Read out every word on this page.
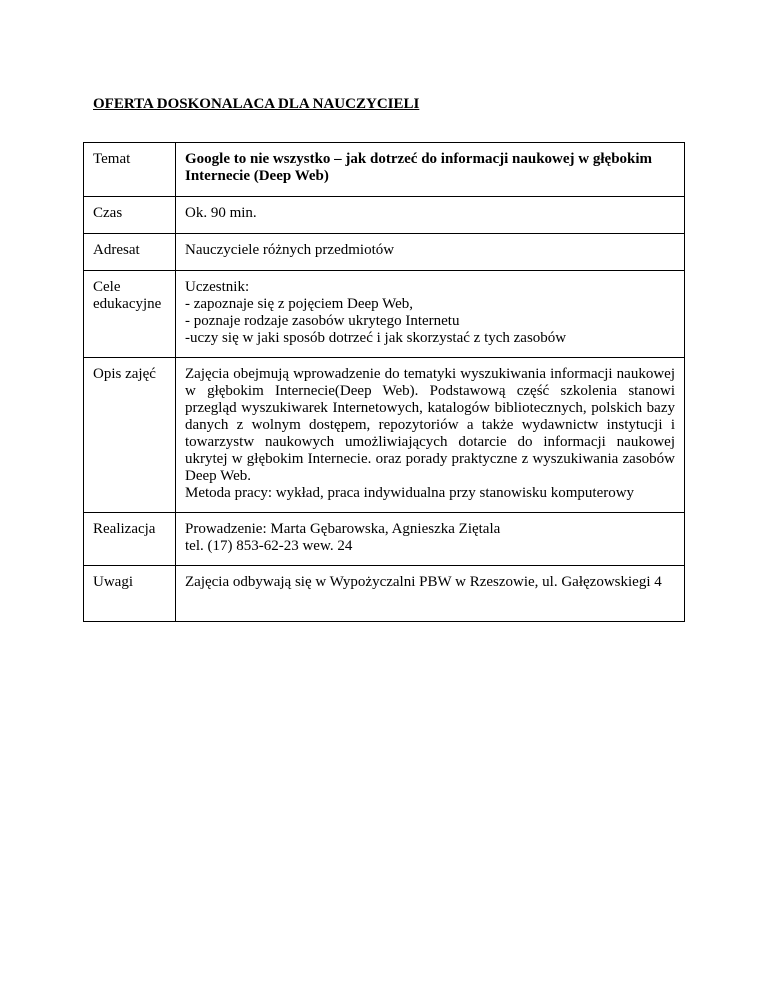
OFERTA DOSKONALACA DLA NAUCZYCIELI
Temat	Google to nie wszystko – jak dotrzeć do informacji naukowej w głębokim Internecie (Deep Web)
Czas	Ok. 90 min.
Adresat	Nauczyciele różnych przedmiotów
Cele edukacyjne	Uczestnik:
- zapoznaje się z pojęciem Deep Web,
- poznaje rodzaje zasobów ukrytego Internetu
-uczy się w jaki sposób dotrzeć i jak skorzystać z tych zasobów

Opis zajęć	Zajęcia obejmują wprowadzenie do tematyki wyszukiwania informacji naukowej w głębokim Internecie(Deep Web). Podstawową część szkolenia stanowi przegląd wyszukiwarek Internetowych, katalogów bibliotecznych, polskich bazy danych z wolnym dostępem, repozytoriów a także wydawnictw instytucji i towarzystw naukowych umożliwiających dotarcie do informacji naukowej ukrytej w głębokim Internecie. oraz porady praktyczne z wyszukiwania zasobów Deep Web.
Metoda pracy: wykład, praca indywidualna przy stanowisku komputerowy

Realizacja	Prowadzenie: Marta Gębarowska, Agnieszka Ziętala
tel. (17) 853-62-23 wew. 24

Uwagi	Zajęcia odbywają się w Wypożyczalni PBW w Rzeszowie, ul. Gałęzowskiegi 4
